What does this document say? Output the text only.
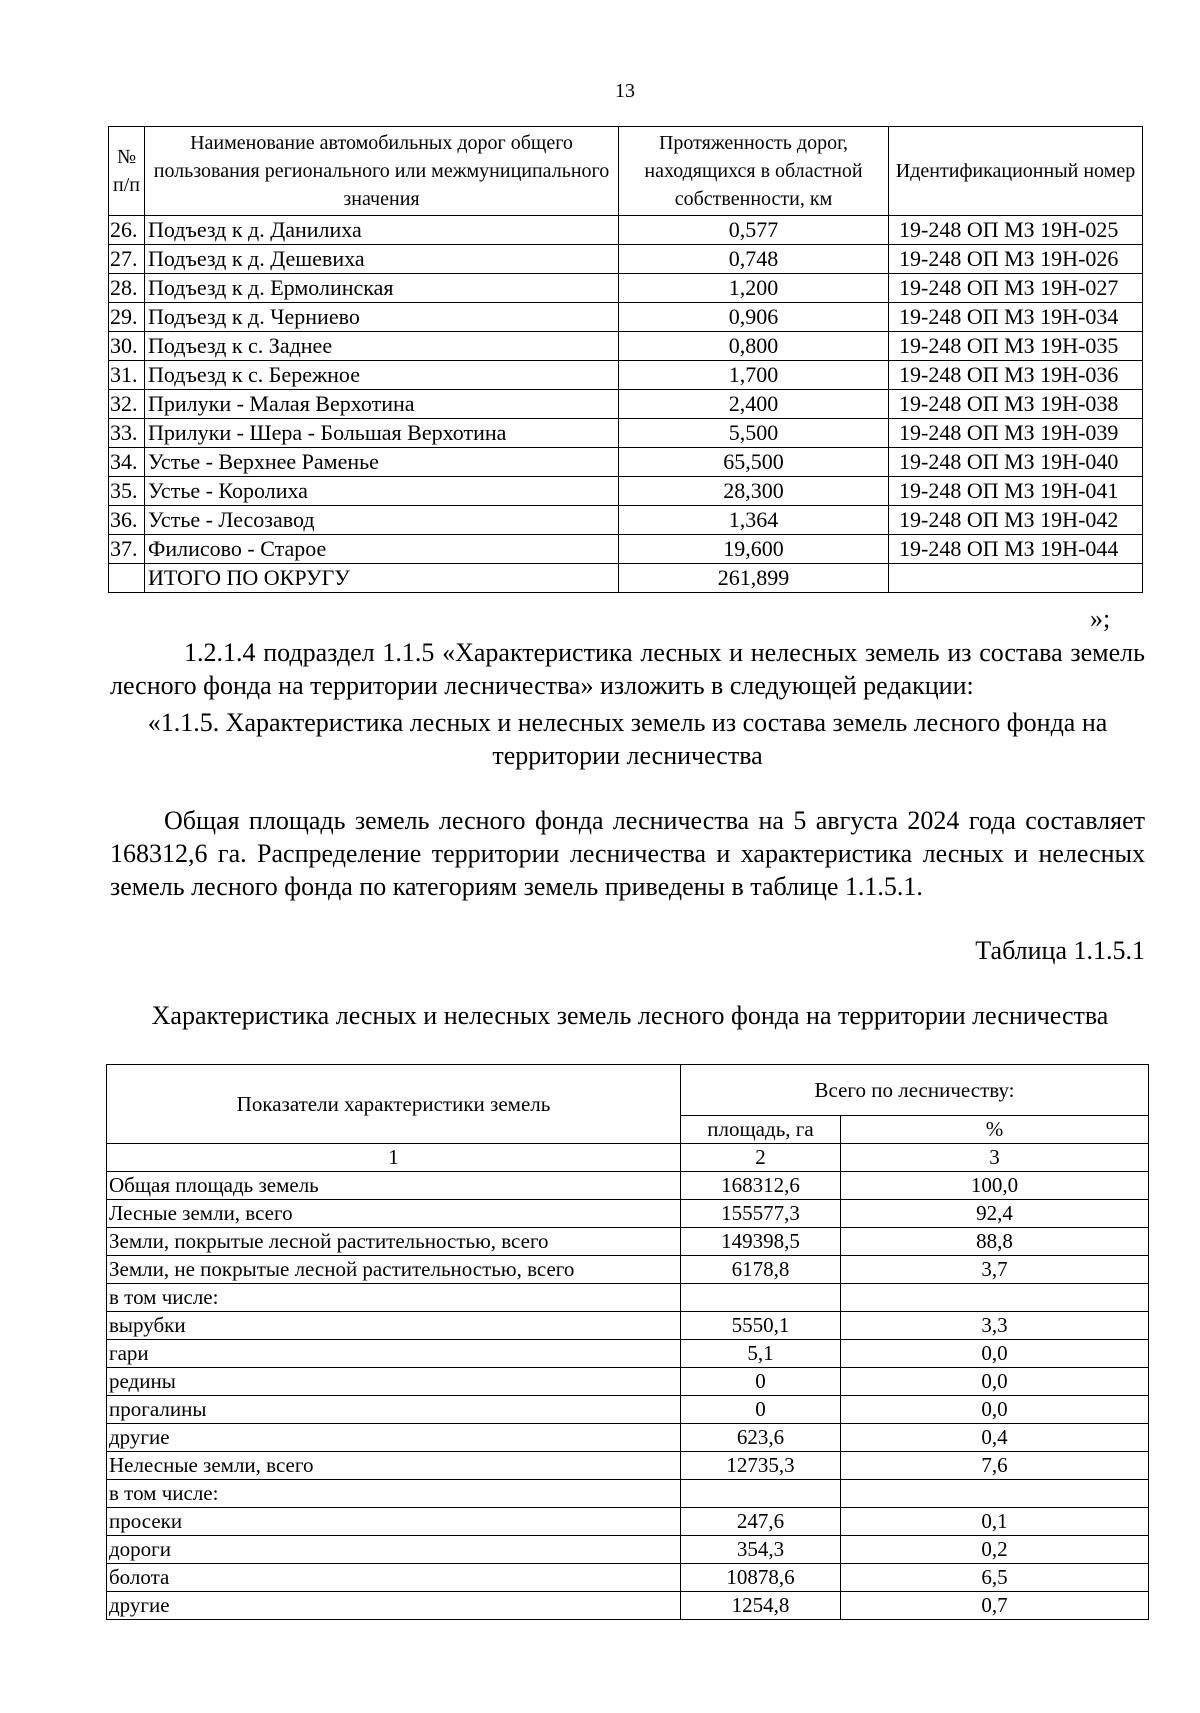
13
№ п/п	Наименование автомобильных дорог общего пользования регионального или межмуниципального значения	Протяженность дорог, находящихся в областной собственности, км	Идентификационный номер
26.	Подъезд к д. Данилиха	0,577	19-248 ОП МЗ 19Н-025
27.	Подъезд к д. Дешевиха	0,748	19-248 ОП МЗ 19Н-026
28.	Подъезд к д. Ермолинская	1,200	19-248 ОП МЗ 19Н-027
29.	Подъезд к д. Черниево	0,906	19-248 ОП МЗ 19Н-034
30.	Подъезд к с. Заднее	0,800	19-248 ОП МЗ 19Н-035
31.	Подъезд к с. Бережное	1,700	19-248 ОП МЗ 19Н-036
32.	Прилуки - Малая Верхотина	2,400	19-248 ОП МЗ 19Н-038
33.	Прилуки - Шера - Большая Верхотина	5,500	19-248 ОП МЗ 19Н-039
34.	Устье - Верхнее Раменье	65,500	19-248 ОП МЗ 19Н-040
35.	Устье - Королиха	28,300	19-248 ОП МЗ 19Н-041
36.	Устье - Лесозавод	1,364	19-248 ОП МЗ 19Н-042
37.	Филисово - Старое	19,600	19-248 ОП МЗ 19Н-044
	ИТОГО ПО ОКРУГУ	261,899	
»;
1.2.1.4 подраздел 1.1.5 «Характеристика лесных и нелесных земель из состава земель лесного фонда на территории лесничества» изложить в следующей редакции:
«1.1.5. Характеристика лесных и нелесных земель из состава земель лесного фонда на территории лесничества
Общая площадь земель лесного фонда лесничества на 5 августа 2024 года составляет 168312,6 га. Распределение территории лесничества и характеристика лесных и нелесных земель лесного фонда по категориям земель приведены в таблице 1.1.5.1.
Таблица 1.1.5.1
Характеристика лесных и нелесных земель лесного фонда на территории лесничества
Показатели характеристики земель	Всего по лесничеству:	
	площадь, га	%
1	2	3
Общая площадь земель	168312,6	100,0
Лесные земли, всего	155577,3	92,4
Земли, покрытые лесной растительностью, всего	149398,5	88,8
Земли, не покрытые лесной растительностью, всего	6178,8	3,7
в том числе:		
вырубки	5550,1	3,3
гари	5,1	0,0
редины	0	0,0
прогалины	0	0,0
другие	623,6	0,4
Нелесные земли, всего	12735,3	7,6
в том числе:		
просеки	247,6	0,1
дороги	354,3	0,2
болота	10878,6	6,5
другие	1254,8	0,7
